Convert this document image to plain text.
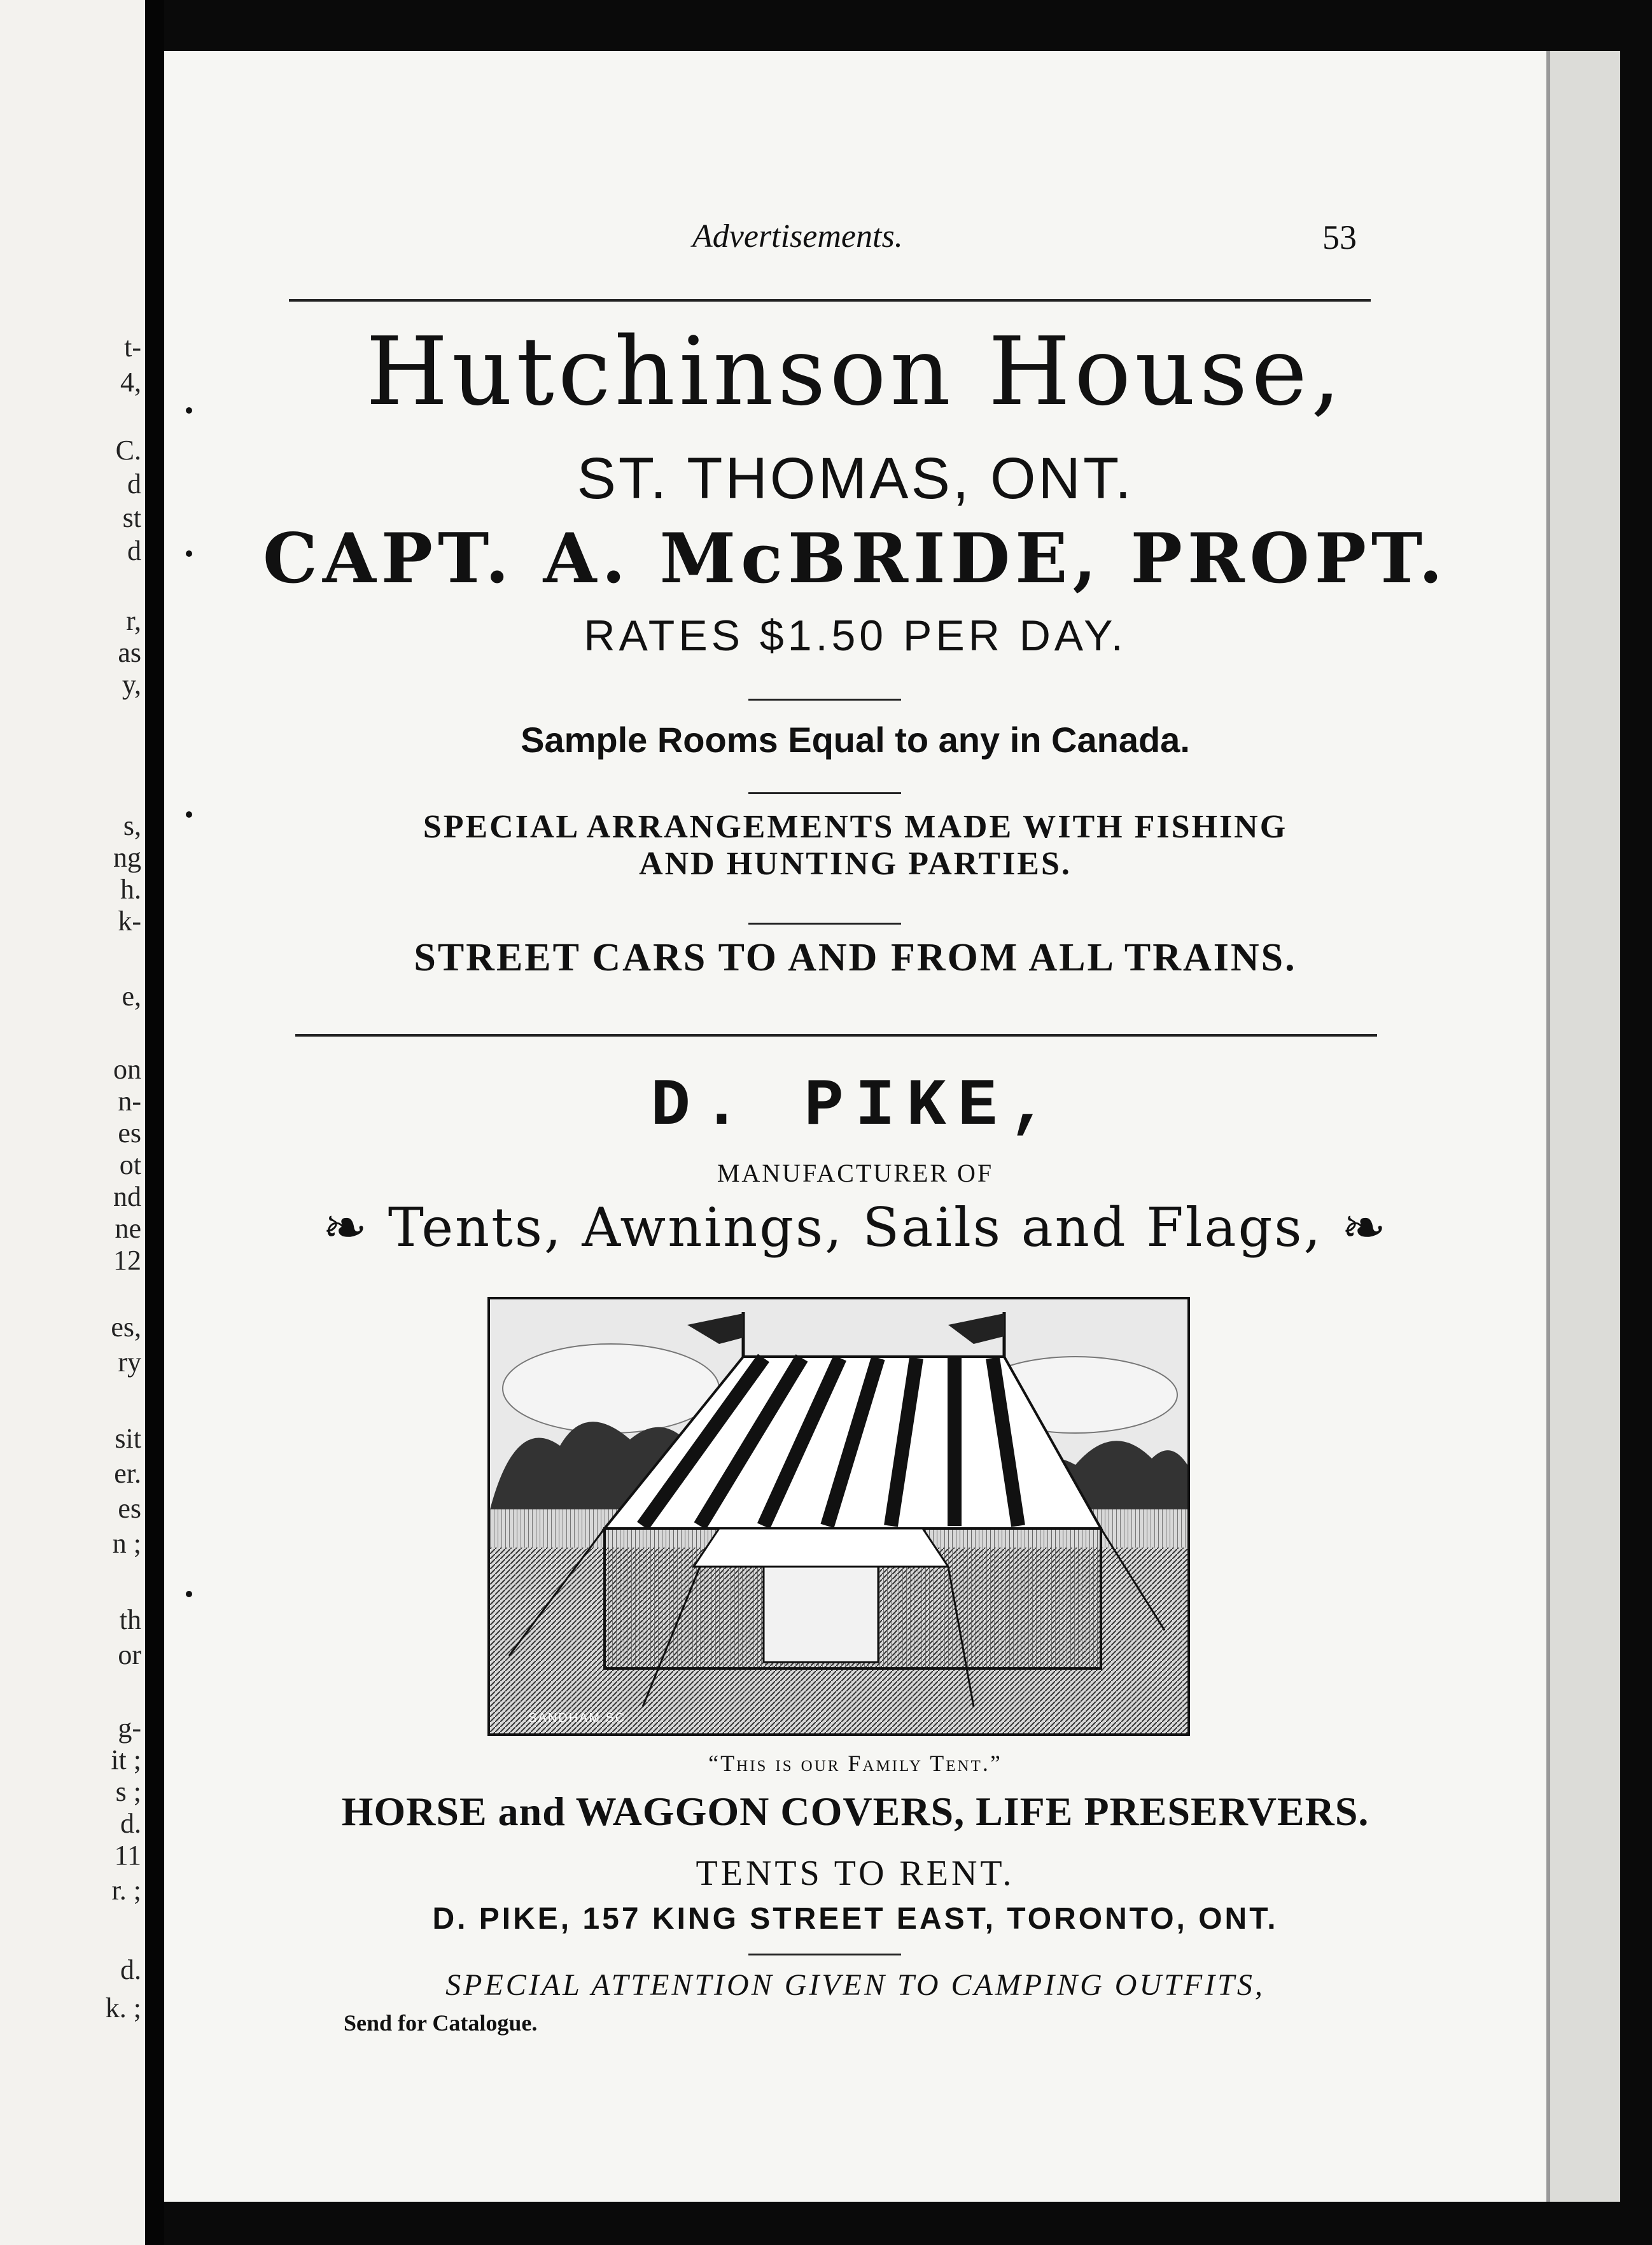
t-
4,
C.
d
st
d
r,
as
y,
s,
ng
h.
k-
e,
on
n-
es
ot
nd
ne
12
es,
ry
sit
er.
es
n ;
th
or
g-
it ;
s ;
d.
11
r. ;
d.
k. ;
Advertisements.	53
Hutchinson House,
ST. THOMAS, ONT.
CAPT. A. McBRIDE, PROPT.
RATES $1.50 PER DAY.
Sample Rooms Equal to any in Canada.
SPECIAL ARRANGEMENTS MADE WITH FISHING
AND HUNTING PARTIES.
STREET CARS TO AND FROM ALL TRAINS.
D. PIKE,
MANUFACTURER OF
❧ Tents, Awnings, Sails and Flags, ❧
SANDHAM SC
“This is our Family Tent.”
HORSE and WAGGON COVERS, LIFE PRESERVERS.
TENTS TO RENT.
D. PIKE, 157 KING STREET EAST, TORONTO, ONT.
SPECIAL ATTENTION GIVEN TO CAMPING OUTFITS,
Send for Catalogue.
